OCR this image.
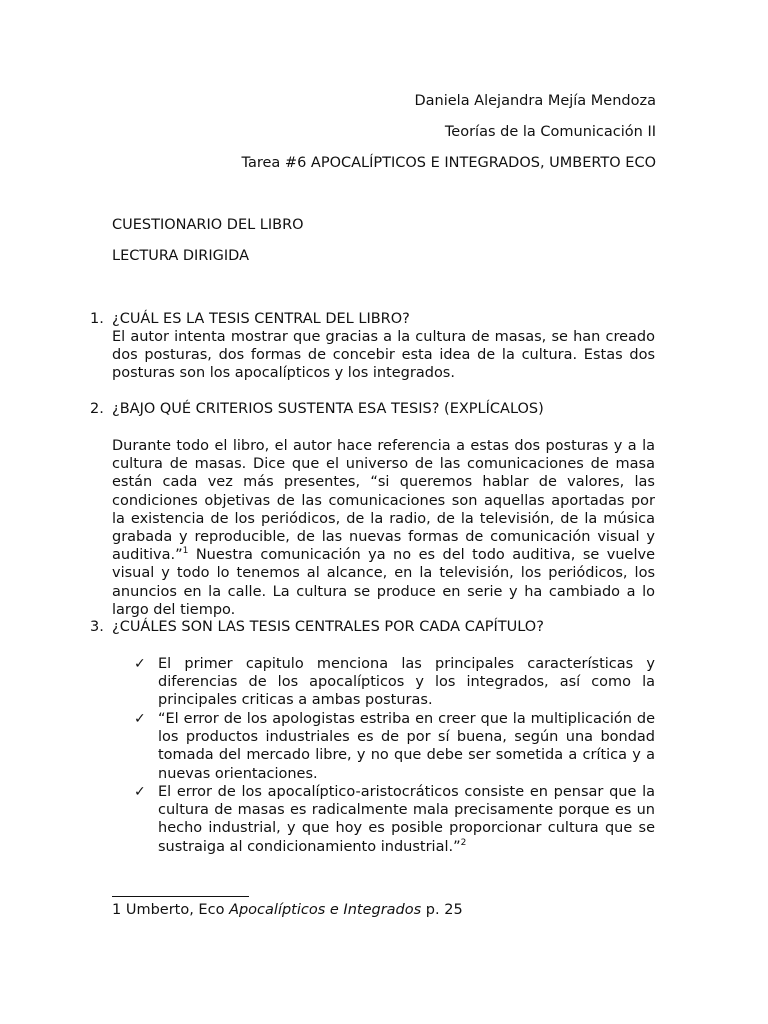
Daniela Alejandra Mejía Mendoza
Teorías de la Comunicación II
Tarea #6 APOCALÍPTICOS E INTEGRADOS, UMBERTO ECO
CUESTIONARIO DEL LIBRO
LECTURA DIRIGIDA
1. ¿CUÁL ES LA TESIS CENTRAL DEL LIBRO?
El autor intenta mostrar que gracias a la cultura de masas, se han creado dos posturas, dos formas de concebir esta idea de la cultura. Estas dos posturas son los apocalípticos y los integrados.
2. ¿BAJO QUÉ CRITERIOS SUSTENTA ESA TESIS? (EXPLÍCALOS)
Durante todo el libro, el autor hace referencia a estas dos posturas y a la cultura de masas. Dice que el universo de las comunicaciones de masa están cada vez más presentes, “si queremos hablar de valores, las condiciones objetivas de las comunicaciones son aquellas aportadas por la existencia de los periódicos, de la radio, de la televisión, de la música grabada y reproducible, de las nuevas formas de comunicación visual y auditiva.”$^1$ Nuestra comunicación ya no es del todo auditiva, se vuelve visual y todo lo tenemos al alcance, en la televisión, los periódicos, los anuncios en la calle. La cultura se produce en serie y ha cambiado a lo largo del tiempo.
3. ¿CUÁLES SON LAS TESIS CENTRALES POR CADA CAPÍTULO?
✓ El primer capitulo menciona las principales características y diferencias de los apocalípticos y los integrados, así como la principales criticas a ambas posturas.
✓ “El error de los apologistas estriba en creer que la multiplicación de los productos industriales es de por sí buena, según una bondad tomada del mercado libre, y no que debe ser sometida a crítica y a nuevas orientaciones.
✓ El error de los apocalíptico-aristocráticos consiste en pensar que la cultura de masas es radicalmente mala precisamente porque es un hecho industrial, y que hoy es posible proporcionar cultura que se sustraiga al condicionamiento industrial.”$^2$
1 Umberto, Eco Apocalípticos e Integrados p. 25
